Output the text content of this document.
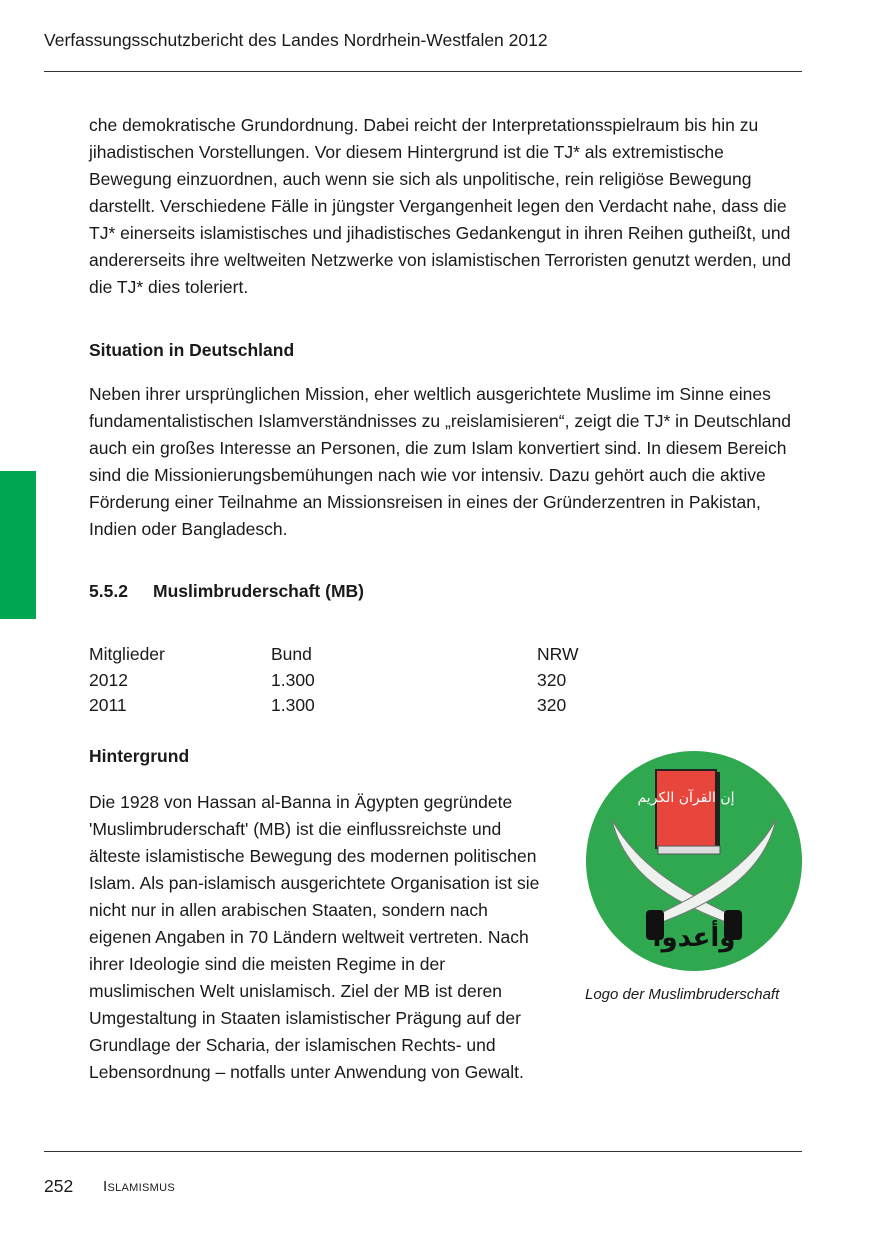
Verfassungsschutzbericht des Landes Nordrhein-Westfalen 2012

che demokratische Grundordnung. Dabei reicht der Interpretationsspielraum bis hin zu jihadistischen Vorstellungen. Vor diesem Hintergrund ist die TJ* als extremistische Bewegung einzuordnen, auch wenn sie sich als unpolitische, rein religiöse Bewegung darstellt. Verschiedene Fälle in jüngster Vergangenheit legen den Verdacht nahe, dass die TJ* einerseits islamistisches und jihadistisches Gedankengut in ihren Reihen gutheißt, und andererseits ihre weltweiten Netzwerke von islamistischen Terroristen genutzt werden, und die TJ* dies toleriert.

Situation in Deutschland

Neben ihrer ursprünglichen Mission, eher weltlich ausgerichtete Muslime im Sinne eines fundamentalistischen Islamverständnisses zu „reislamisieren“, zeigt die TJ* in Deutschland auch ein großes Interesse an Personen, die zum Islam konvertiert sind. In diesem Bereich sind die Missionierungsbemühungen nach wie vor intensiv. Dazu gehört auch die aktive Förderung einer Teilnahme an Missionsreisen in eines der Gründerzentren in Pakistan, Indien oder Bangladesch.

5.5.2	Muslimbruderschaft (MB)
Mitglieder	Bund	NRW
2012	1.300	320
2011	1.300	320
Hintergrund
Die 1928 von Hassan al-Banna in Ägypten gegründete 'Muslimbruderschaft' (MB) ist die einflussreichste und älteste islamistische Bewegung des modernen politischen Islam. Als pan-islamisch ausgerichtete Organisation ist sie nicht nur in allen arabischen Staaten, sondern nach eigenen Angaben in 70 Ländern weltweit vertreten. Nach ihrer Ideologie sind die meisten Regime in der muslimischen Welt unislamisch. Ziel der MB ist deren Umgestaltung in Staaten islamistischer Prägung auf der Grundlage der Scharia, der islamischen Rechts- und Lebensordnung – notfalls unter Anwendung von Gewalt.
إن القرآن الكريم
وأعدوا
Logo der Muslimbruderschaft
252 Islamismus
